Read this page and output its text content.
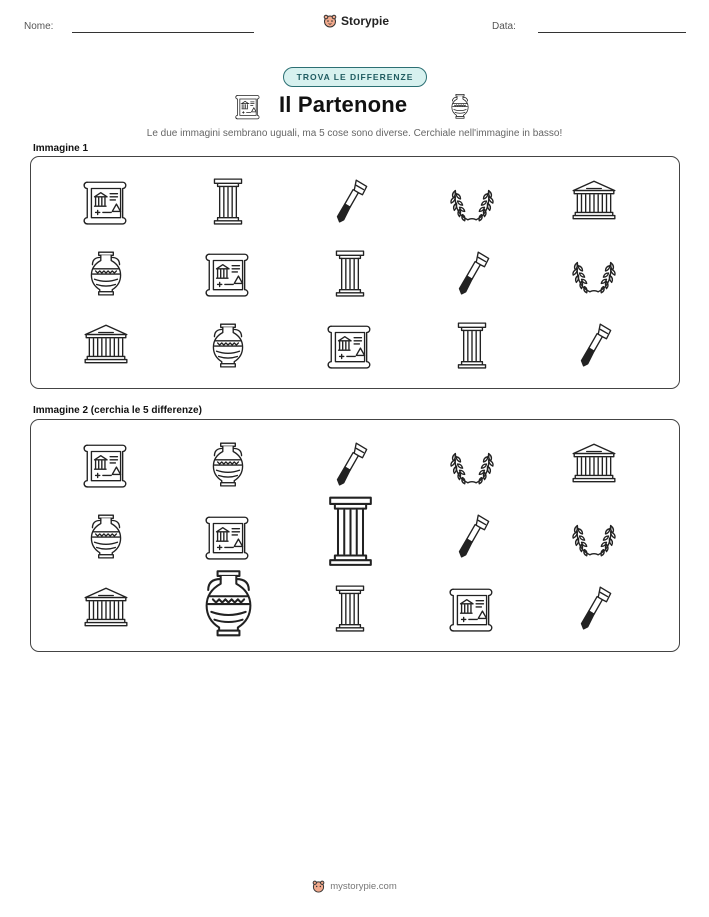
Nome:	Storypie	Data:
TROVA LE DIFFERENZE
Il Partenone
Le due immagini sembrano uguali, ma 5 cose sono diverse. Cerchiale nell'immagine in basso!
Immagine 1
Immagine 2 (cerchia le 5 differenze)
mystorypie.com
